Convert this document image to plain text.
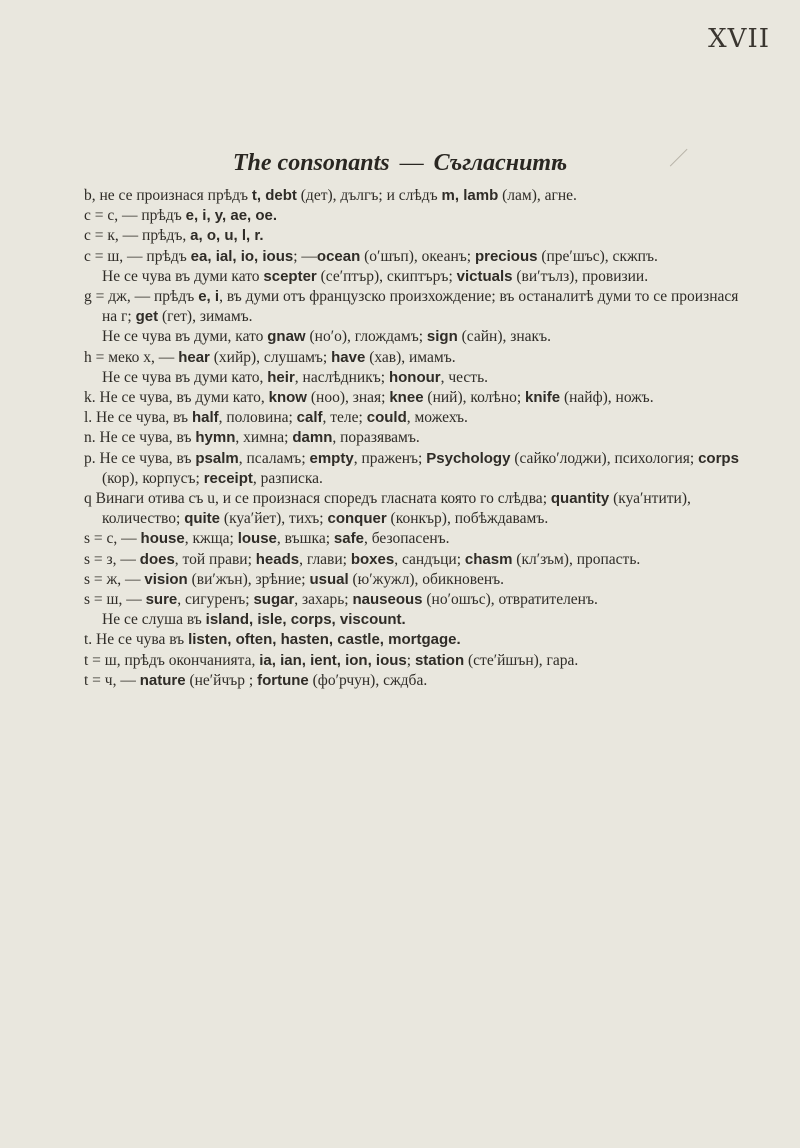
XVII
The consonants — Съгласнитѣ
b, не се произнася прѣдъ t, debt (дет), дългъ; и слѣдъ m, lamb (лам), агне.
c = c, — прѣдъ e, i, y, ae, oe.
c = к, — прѣдъ, a, o, u, l, r.
c = ш, — прѣдъ ea, ial, io, ious; —ocean (о′шъп), океанъ; precious (пре′шъс), скжпъ.
Не се чува въ думи като scepter (се′птър), скиптъръ; victuals (ви′тълз), провизии.
g = дж, — прѣдъ e, i, въ думи отъ французско произхождение; въ останалитѣ думи то се произнася на г; get (гет), зимамъ.
Не се чува въ думи, като gnaw (но′о), глождамъ; sign (сайн), знакъ.
h = меко х, — hear (хийр), слушамъ; have (хав), имамъ.
Не се чува въ думи като, heir, наслѣдникъ; honour, честь.
k. Не се чува, въ думи като, know (ноо), зная; knee (ний), колѣно; knife (найф), ножъ.
l. Не се чува, въ half, половина; calf, теле; could, можехъ.
n. Не се чува, въ hymn, химна; damn, поразявамъ.
p. Не се чува, въ psalm, псаламъ; empty, праженъ; Psychology (сайко′лоджи), психология; corps (кор), корпусъ; receipt, разписка.
q Винаги отива съ u, и се произнася споредъ гласната която го слѣдва; quantity (куа′нтити), количество; quite (куа′йет), тихъ; conquer (конкър), побѣждавамъ.
s = с, — house, кжща; louse, въшка; safe, безопасенъ.
s = з, — does, той прави; heads, глави; boxes, сандъци; chasm (кл′зъм), пропасть.
s = ж, — vision (ви′жън), зрѣние; usual (ю′жужл), обикновенъ.
s = ш, — sure, сигуренъ; sugar, захарь; nauseous (но′ошъс), отвратителенъ.
Не се слуша въ island, isle, corps, viscount.
t. Не се чува въ listen, often, hasten, castle, mortgage.
t = ш, прѣдъ окончанията, ia, ian, ient, ion, ious; station (сте′йшън), гара.
t = ч, — nature (не′йчър ; fortune (фо′рчун), сждба.
